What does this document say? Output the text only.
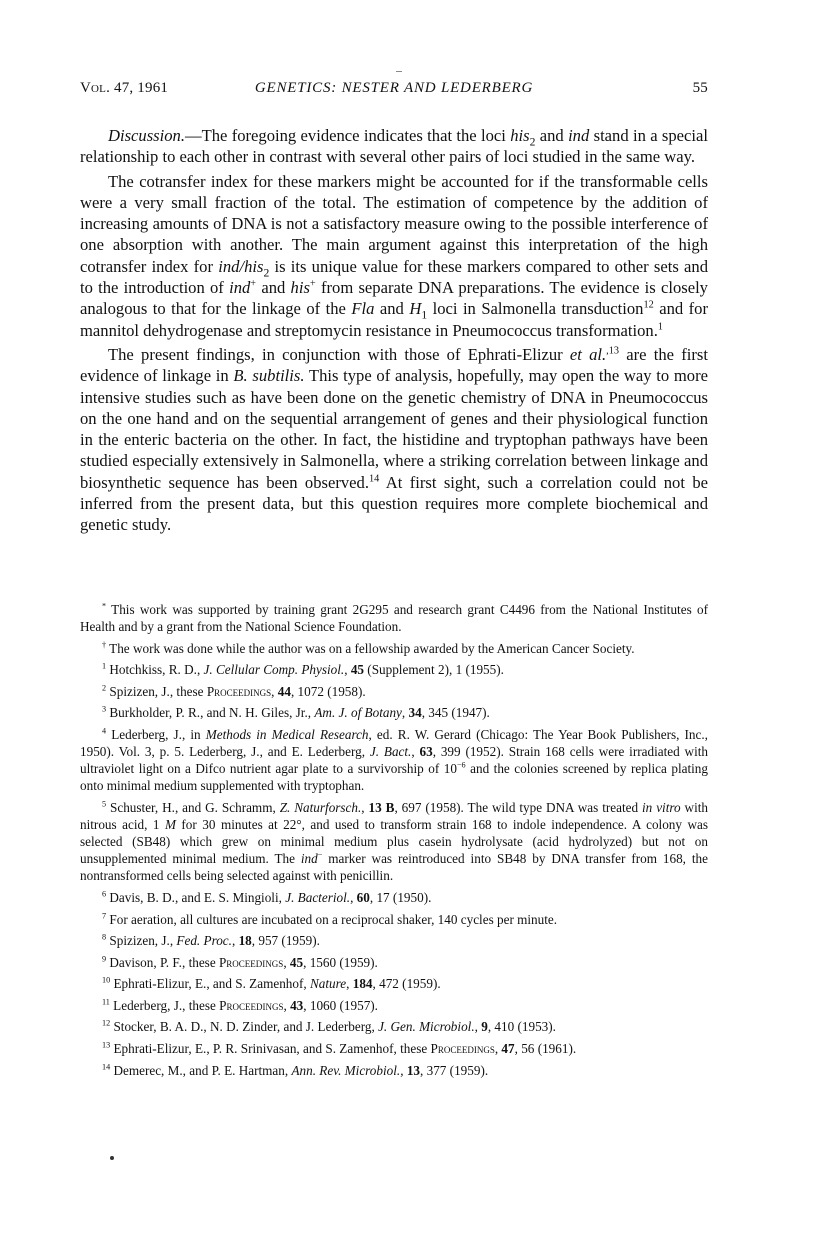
Vol. 47, 1961	GENETICS: NESTER AND LEDERBERG	55

Discussion.—The foregoing evidence indicates that the loci his$_2$ and ind stand in a special relationship to each other in contrast with several other pairs of loci studied in the same way.

The cotransfer index for these markers might be accounted for if the transformable cells were a very small fraction of the total. The estimation of competence by the addition of increasing amounts of DNA is not a satisfactory measure owing to the possible interference of one absorption with another. The main argument against this interpretation of the high cotransfer index for ind/his$_2$ is its unique value for these markers compared to other sets and to the introduction of ind+ and his+ from separate DNA preparations. The evidence is closely analogous to that for the linkage of the Fla and $H_1$ loci in Salmonella transduction$^{12}$ and for mannitol dehydrogenase and streptomycin resistance in Pneumococcus transformation.$^1$

The present findings, in conjunction with those of Ephrati-Elizur et al.$^{,13}$ are the first evidence of linkage in B. subtilis. This type of analysis, hopefully, may open the way to more intensive studies such as have been done on the genetic chemistry of DNA in Pneumococcus on the one hand and on the sequential arrangement of genes and their physiological function in the enteric bacteria on the other. In fact, the histidine and tryptophan pathways have been studied especially extensively in Salmonella, where a striking correlation between linkage and biosynthetic sequence has been observed.$^{14}$ At first sight, such a correlation could not be inferred from the present data, but this question requires more complete biochemical and genetic study.

* This work was supported by training grant 2G295 and research grant C4496 from the National Institutes of Health and by a grant from the National Science Foundation.
† The work was done while the author was on a fellowship awarded by the American Cancer Society.
$^1$ Hotchkiss, R. D., J. Cellular Comp. Physiol., 45 (Supplement 2), 1 (1955).
$^2$ Spizizen, J., these Proceedings, 44, 1072 (1958).
$^3$ Burkholder, P. R., and N. H. Giles, Jr., Am. J. of Botany, 34, 345 (1947).
$^4$ Lederberg, J., in Methods in Medical Research, ed. R. W. Gerard (Chicago: The Year Book Publishers, Inc., 1950). Vol. 3, p. 5. Lederberg, J., and E. Lederberg, J. Bact., 63, 399 (1952). Strain 168 cells were irradiated with ultraviolet light on a Difco nutrient agar plate to a survivorship of $10^{-6}$ and the colonies screened by replica plating onto minimal medium supplemented with tryptophan.
$^5$ Schuster, H., and G. Schramm, Z. Naturforsch., 13 B, 697 (1958). The wild type DNA was treated in vitro with nitrous acid, 1 M for 30 minutes at 22°, and used to transform strain 168 to indole independence. A colony was selected (SB48) which grew on minimal medium plus casein hydrolysate (acid hydrolyzed) but not on unsupplemented minimal medium. The ind− marker was reintroduced into SB48 by DNA transfer from 168, the nontransformed cells being selected against with penicillin.
$^6$ Davis, B. D., and E. S. Mingioli, J. Bacteriol., 60, 17 (1950).
$^7$ For aeration, all cultures are incubated on a reciprocal shaker, 140 cycles per minute.
$^8$ Spizizen, J., Fed. Proc., 18, 957 (1959).
$^9$ Davison, P. F., these Proceedings, 45, 1560 (1959).
$^{10}$ Ephrati-Elizur, E., and S. Zamenhof, Nature, 184, 472 (1959).
$^{11}$ Lederberg, J., these Proceedings, 43, 1060 (1957).
$^{12}$ Stocker, B. A. D., N. D. Zinder, and J. Lederberg, J. Gen. Microbiol., 9, 410 (1953).
$^{13}$ Ephrati-Elizur, E., P. R. Srinivasan, and S. Zamenhof, these Proceedings, 47, 56 (1961).
$^{14}$ Demerec, M., and P. E. Hartman, Ann. Rev. Microbiol., 13, 377 (1959).
